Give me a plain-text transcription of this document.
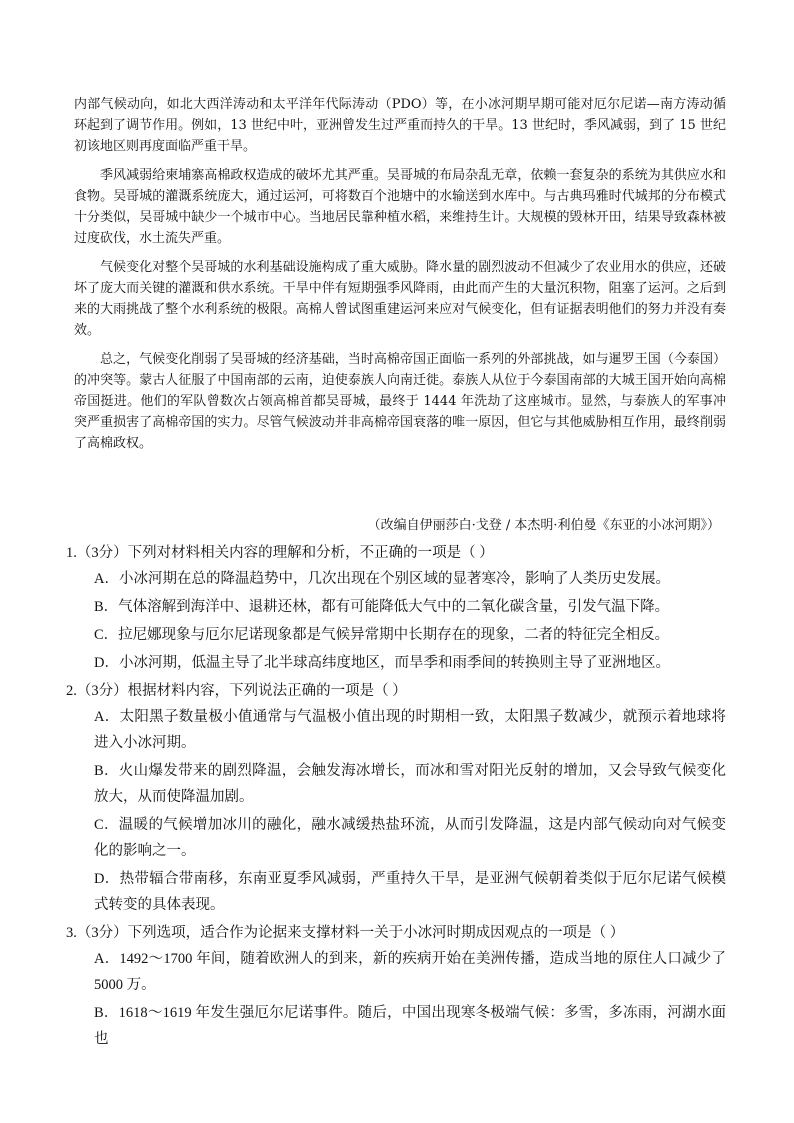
内部气候动向，如北大西洋涛动和太平洋年代际涛动（PDO）等，在小冰河期早期可能对厄尔尼诺—南方涛动循环起到了调节作用。例如，13 世纪中叶，亚洲曾发生过严重而持久的干旱。13 世纪时，季风减弱，到了 15 世纪初该地区则再度面临严重干旱。

季风减弱给柬埔寨高棉政权造成的破坏尤其严重。吴哥城的布局杂乱无章，依赖一套复杂的系统为其供应水和食物。吴哥城的灌溉系统庞大，通过运河，可将数百个池塘中的水输送到水库中。与古典玛雅时代城邦的分布模式十分类似，吴哥城中缺少一个城市中心。当地居民靠种植水稻，来维持生计。大规模的毁林开田，结果导致森林被过度砍伐，水土流失严重。

气候变化对整个吴哥城的水利基础设施构成了重大威胁。降水量的剧烈波动不但减少了农业用水的供应，还破坏了庞大而关键的灌溉和供水系统。干旱中伴有短期强季风降雨，由此而产生的大量沉积物，阻塞了运河。之后到来的大雨挑战了整个水利系统的极限。高棉人曾试图重建运河来应对气候变化，但有证据表明他们的努力并没有奏效。

总之，气候变化削弱了吴哥城的经济基础，当时高棉帝国正面临一系列的外部挑战，如与暹罗王国（今泰国）的冲突等。蒙古人征服了中国南部的云南，迫使泰族人向南迁徙。泰族人从位于今泰国南部的大城王国开始向高棉帝国挺进。他们的军队曾数次占领高棉首都吴哥城，最终于 1444 年洗劫了这座城市。显然，与泰族人的军事冲突严重损害了高棉帝国的实力。尽管气候波动并非高棉帝国衰落的唯一原因，但它与其他威胁相互作用，最终削弱了高棉政权。

（改编自伊丽莎白·戈登 / 本杰明·利伯曼《东亚的小冰河期》）

1.（3分）下列对材料相关内容的理解和分析，不正确的一项是（ ）

A．小冰河期在总的降温趋势中，几次出现在个别区域的显著寒冷，影响了人类历史发展。

B．气体溶解到海洋中、退耕还林，都有可能降低大气中的二氧化碳含量，引发气温下降。

C．拉尼娜现象与厄尔尼诺现象都是气候异常期中长期存在的现象，二者的特征完全相反。

D．小冰河期，低温主导了北半球高纬度地区，而旱季和雨季间的转换则主导了亚洲地区。

2.（3分）根据材料内容，下列说法正确的一项是（ ）

A．太阳黑子数量极小值通常与气温极小值出现的时期相一致，太阳黑子数减少，就预示着地球将进入小冰河期。

B．火山爆发带来的剧烈降温，会触发海冰增长，而冰和雪对阳光反射的增加，又会导致气候变化放大，从而使降温加剧。

C．温暖的气候增加冰川的融化，融水减缓热盐环流，从而引发降温，这是内部气候动向对气候变化的影响之一。

D．热带辐合带南移，东南亚夏季风减弱，严重持久干旱，是亚洲气候朝着类似于厄尔尼诺气候模式转变的具体表现。

3.（3分）下列选项，适合作为论据来支撑材料一关于小冰河时期成因观点的一项是（ ）

A．1492～1700 年间，随着欧洲人的到来，新的疾病开始在美洲传播，造成当地的原住人口减少了 5000 万。

B．1618～1619 年发生强厄尔尼诺事件。随后，中国出现寒冬极端气候：多雪，多冻雨，河湖水面也
